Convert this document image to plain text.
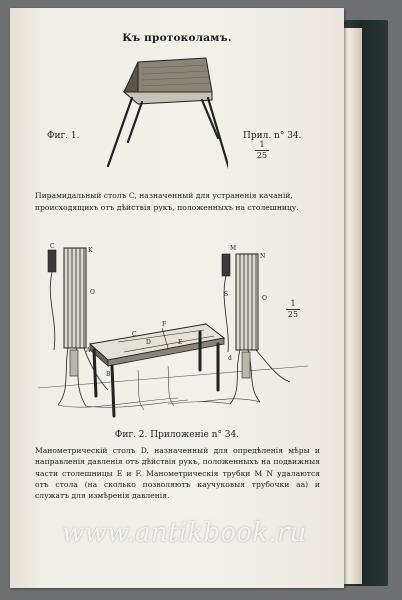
Къ протоколамъ.
Фиг. 1.	Прил. n° 34.
$\frac{1}{25}$

Пирамидальный столъ C, назначенный для устраненія качаній, происходящихъ отъ дѣйствія рукъ, положенныхъ на столешницу.

C
K
O
A
B
C
F
E
D
M
N
S
O
d
$\frac{1}{25}$
Фиг. 2. Приложеніе n° 34.

Манометрическій столъ D, назначенный для опредѣленія мѣры и направленія давленія отъ дѣйствія рукъ, положенныхъ на подвижныя части столешницы E и F. Манометрическія трубки M N удалаются отъ стола (на сколько позволяютъ каучуковыя трубочки aa) и служатъ для измѣренія давленія.

www.antikbook.ru
